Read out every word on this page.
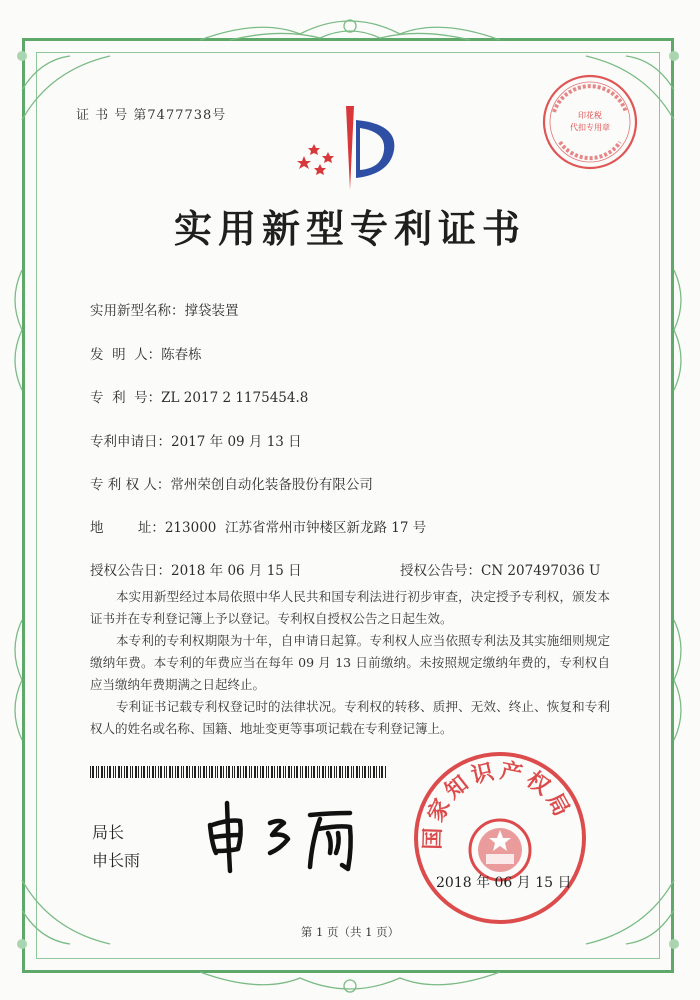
证 书 号 第7477738号	印花税
代扣专用章
实用新型专利证书
实用新型名称：撑袋装置
发  明  人：陈春栋
专  利  号：ZL 2017 2 1175454.8
专利申请日：2017 年 09 月 13 日
专 利 权 人：常州荣创自动化装备股份有限公司
地        址：213000  江苏省常州市钟楼区新龙路 17 号
授权公告日：2018 年 06 月 15 日	授权公告号：CN 207497036 U

本实用新型经过本局依照中华人民共和国专利法进行初步审查，决定授予专利权，颁发本证书并在专利登记簿上予以登记。专利权自授权公告之日起生效。

本专利的专利权期限为十年，自申请日起算。专利权人应当依照专利法及其实施细则规定缴纳年费。本专利的年费应当在每年 09 月 13 日前缴纳。未按照规定缴纳年费的，专利权自应当缴纳年费期满之日起终止。

专利证书记载专利权登记时的法律状况。专利权的转移、质押、无效、终止、恢复和专利权人的姓名或名称、国籍、地址变更等事项记载在专利登记簿上。

局长
申长雨
国家知识产权局
2018 年 06 月 15 日
第 1 页（共 1 页）
